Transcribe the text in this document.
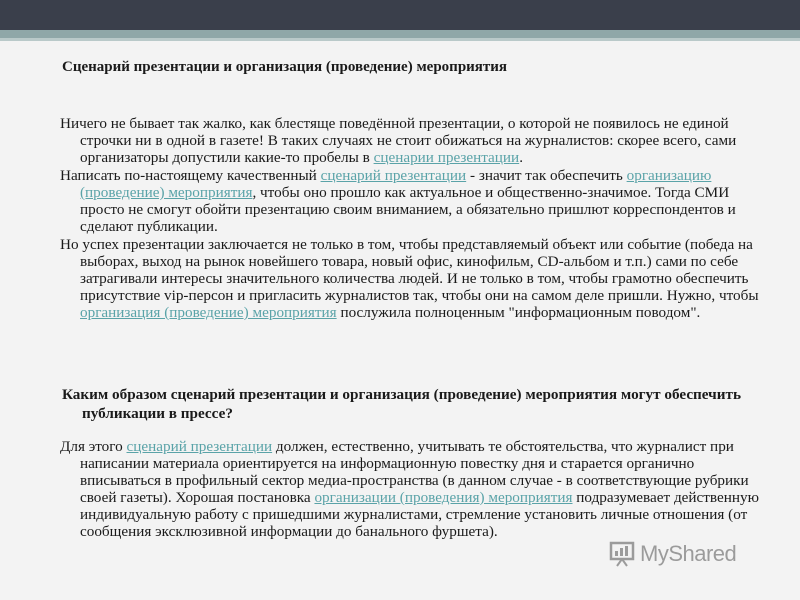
Сценарий презентации и организация (проведение) мероприятия

Ничего не бывает так жалко, как блестяще поведённой презентации, о которой не появилось не единой строчки ни в одной в газете! В таких случаях не стоит обижаться на журналистов: скорее всего, сами организаторы допустили какие-то пробелы в сценарии презентации.

Написать по-настоящему качественный сценарий презентации - значит так обеспечить организацию (проведение) мероприятия, чтобы оно прошло как актуальное и общественно-значимое. Тогда СМИ просто не смогут обойти презентацию своим вниманием, а обязательно пришлют корреспондентов и сделают публикации.

Но успех презентации заключается не только в том, чтобы представляемый объект или событие (победа на выборах, выход на рынок новейшего товара, новый офис, кинофильм, CD-альбом и т.п.) сами по себе затрагивали интересы значительного количества людей. И не только в том, чтобы грамотно обеспечить присутствие vip-персон и пригласить журналистов так, чтобы они на самом деле пришли. Нужно, чтобы организация (проведение) мероприятия послужила полноценным "информационным поводом".

Каким образом сценарий презентации и организация (проведение) мероприятия могут обеспечить публикации в прессе?

Для этого сценарий презентации должен, естественно, учитывать те обстоятельства, что журналист при написании материала ориентируется на информационную повестку дня и старается органично вписываться в профильный сектор медиа-пространства (в данном случае - в соответствующие рубрики своей газеты). Хорошая постановка организации (проведения) мероприятия подразумевает действенную индивидуальную работу с пришедшими журналистами, стремление установить личные отношения (от сообщения эксклюзивной информации до банального фуршета).

MyShared
